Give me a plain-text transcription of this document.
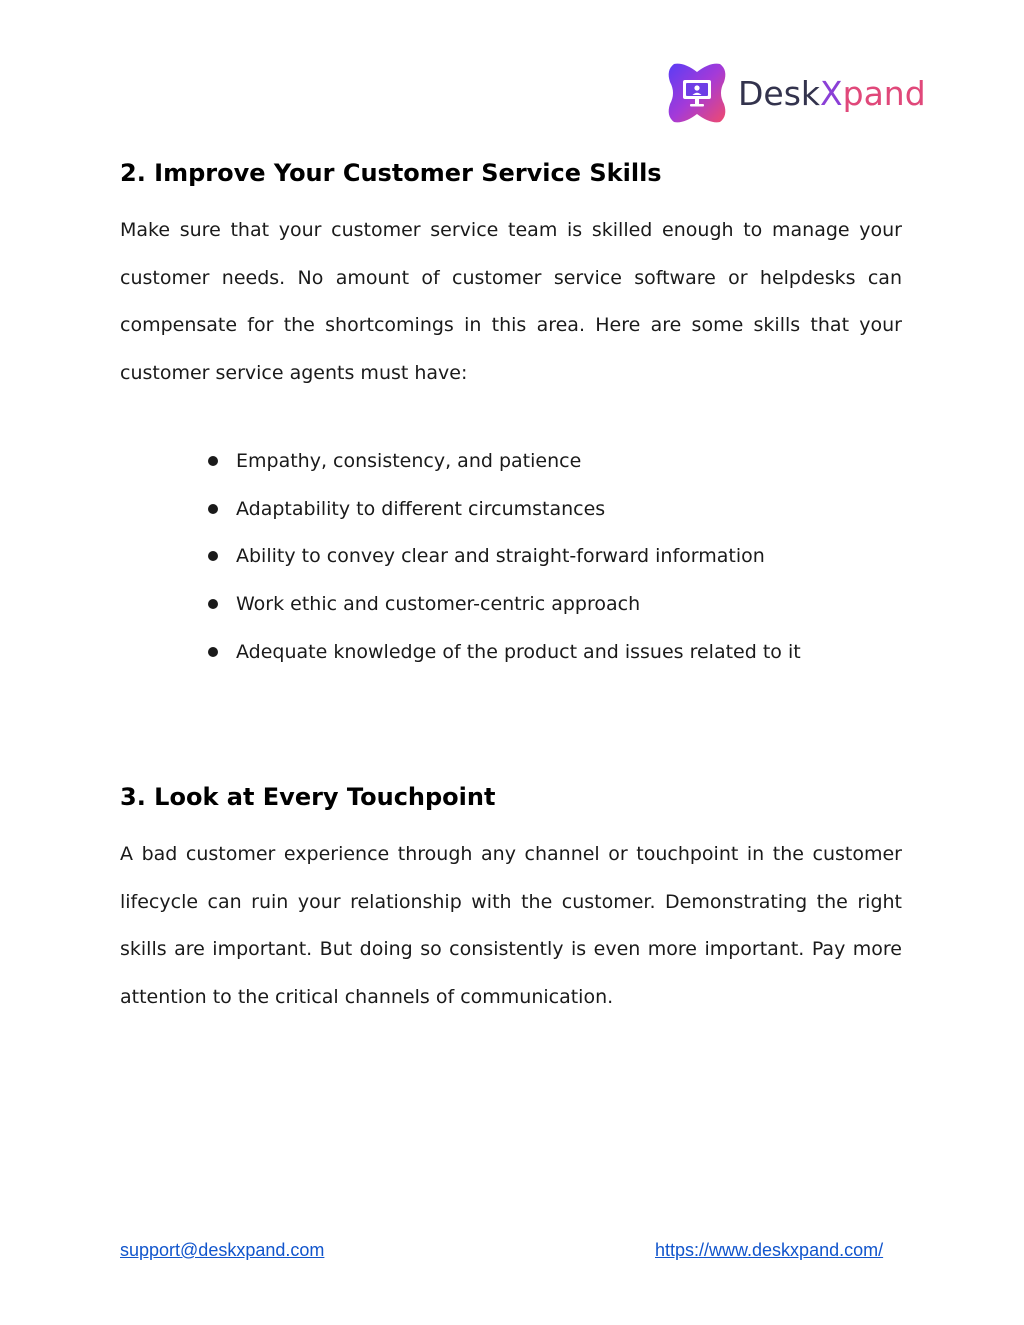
DeskXpand
2. Improve Your Customer Service Skills

Make sure that your customer service team is skilled enough to manage your customer needs. No amount of customer service software or helpdesks can compensate for the shortcomings in this area. Here are some skills that your customer service agents must have:

Empathy, consistency, and patience
Adaptability to different circumstances
Ability to convey clear and straight-forward information
Work ethic and customer-centric approach
Adequate knowledge of the product and issues related to it
3. Look at Every Touchpoint

A bad customer experience through any channel or touchpoint in the customer lifecycle can ruin your relationship with the customer. Demonstrating the right skills are important. But doing so consistently is even more important. Pay more attention to the critical channels of communication.

support@deskxpand.com	https://www.deskxpand.com/
